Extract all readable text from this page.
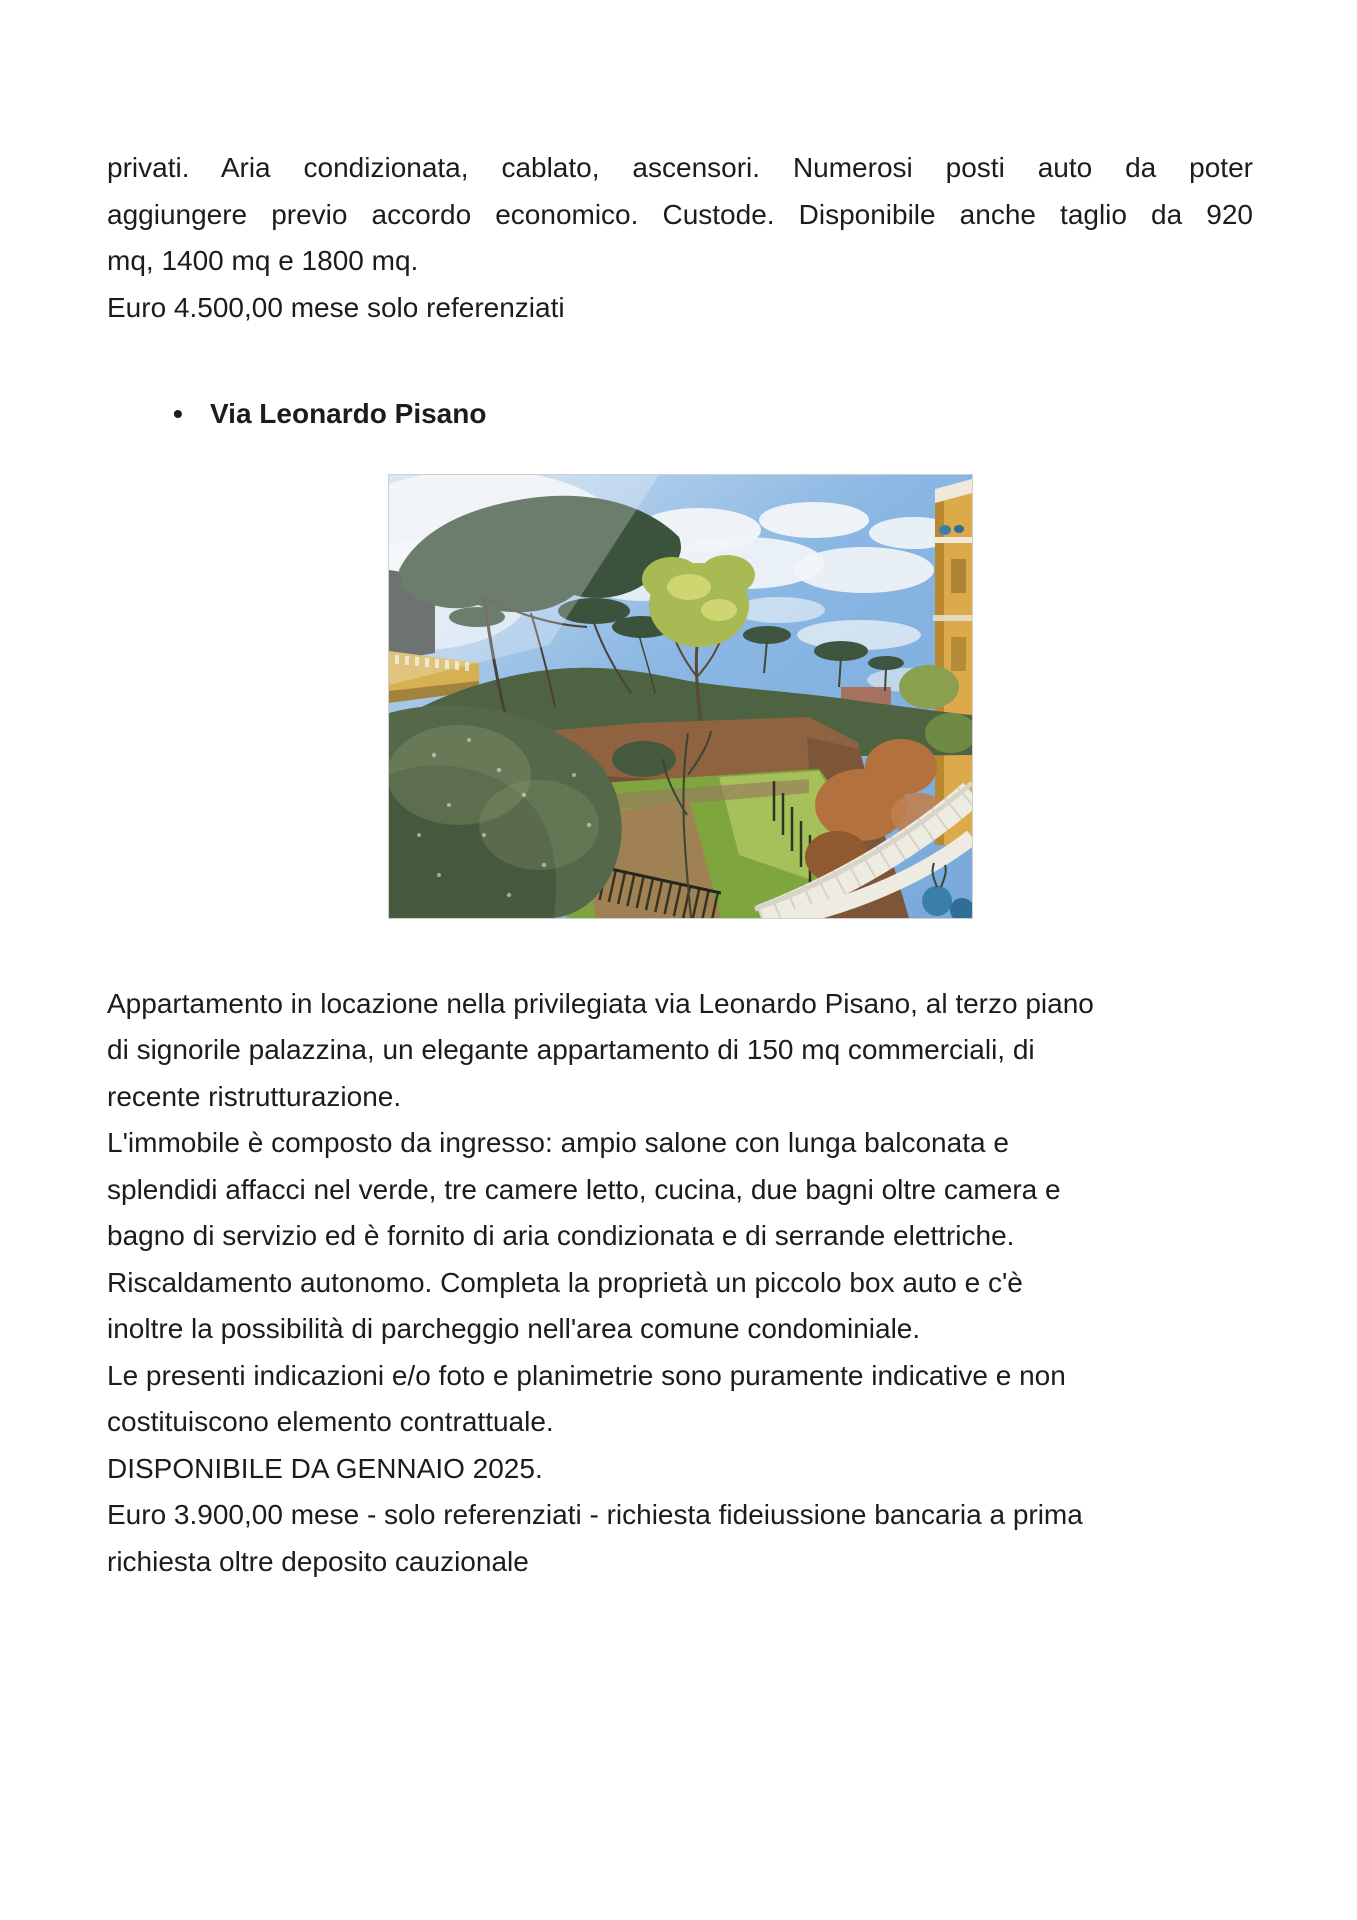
privati. Aria condizionata, cablato, ascensori. Numerosi posti auto da poter
aggiungere previo accordo economico. Custode. Disponibile anche taglio da 920
mq, 1400 mq e 1800 mq.
Euro 4.500,00 mese solo referenziati
• Via Leonardo Pisano
Appartamento in locazione nella privilegiata via Leonardo Pisano, al terzo piano
di signorile palazzina, un elegante appartamento di 150 mq commerciali, di
recente ristrutturazione.
L'immobile è composto da ingresso: ampio salone con lunga balconata e
splendidi affacci nel verde, tre camere letto, cucina, due bagni oltre camera e
bagno di servizio ed è fornito di aria condizionata e di serrande elettriche.
Riscaldamento autonomo. Completa la proprietà un piccolo box auto e c'è
inoltre la possibilità di parcheggio nell'area comune condominiale.
Le presenti indicazioni e/o foto e planimetrie sono puramente indicative e non
costituiscono elemento contrattuale.
DISPONIBILE DA GENNAIO 2025.
Euro 3.900,00 mese - solo referenziati - richiesta fideiussione bancaria a prima
richiesta oltre deposito cauzionale
